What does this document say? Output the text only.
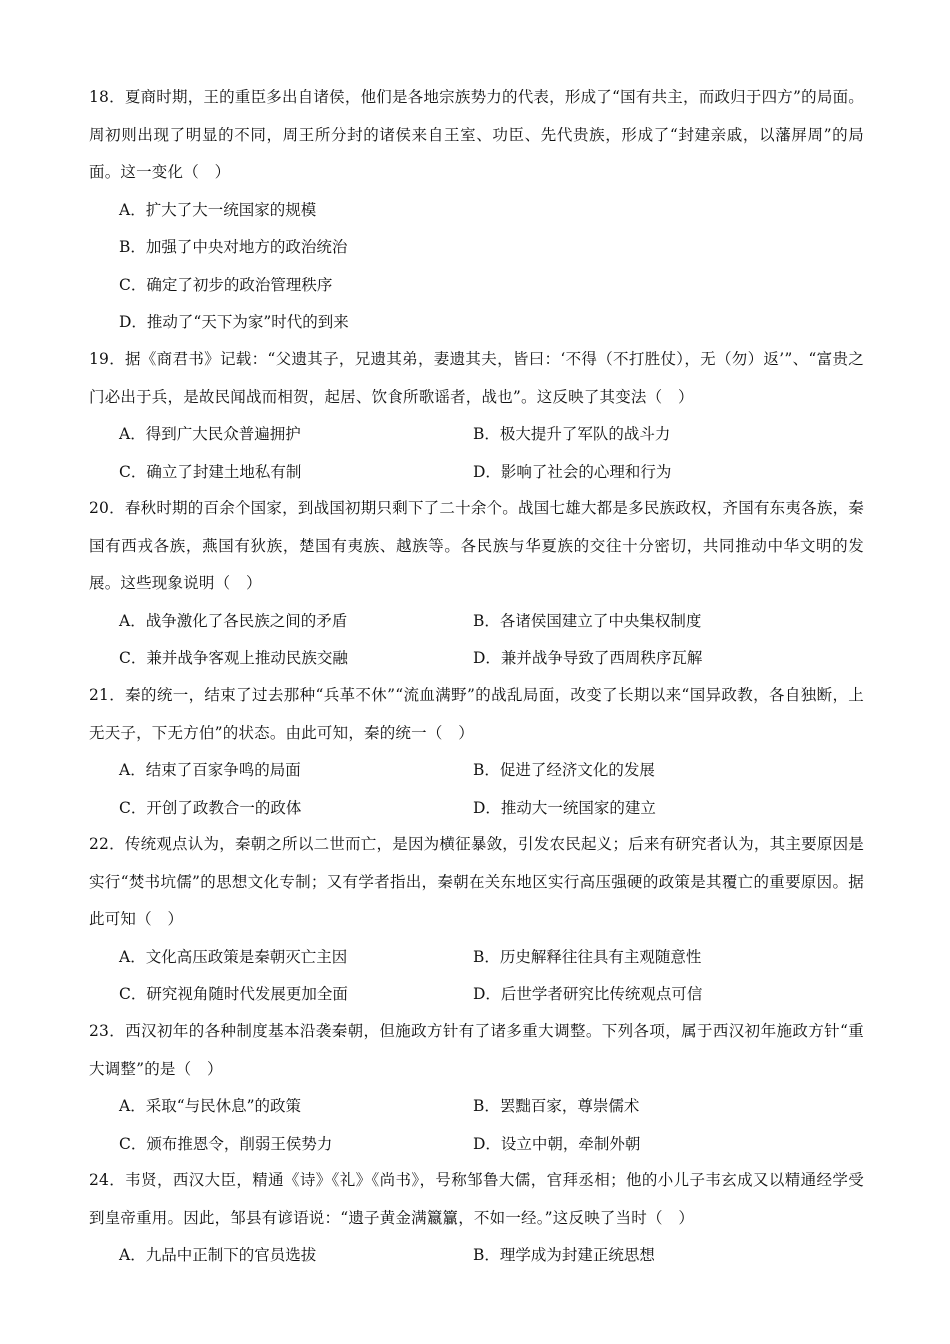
18．夏商时期，王的重臣多出自诸侯，他们是各地宗族势力的代表，形成了“国有共主，而政归于四方”的局面。周初则出现了明显的不同，周王所分封的诸侯来自王室、功臣、先代贵族，形成了“封建亲戚，以藩屏周”的局面。这一变化（　）

A．扩大了大一统国家的规模
B．加强了中央对地方的政治统治
C．确定了初步的政治管理秩序
D．推动了“天下为家”时代的到来

19．据《商君书》记载：“父遗其子，兄遗其弟，妻遗其夫，皆曰：‘不得（不打胜仗），无（勿）返’”、“富贵之门必出于兵，是故民闻战而相贺，起居、饮食所歌谣者，战也”。这反映了其变法（　）

A．得到广大民众普遍拥护	B．极大提升了军队的战斗力
C．确立了封建土地私有制	D．影响了社会的心理和行为

20．春秋时期的百余个国家，到战国初期只剩下了二十余个。战国七雄大都是多民族政权，齐国有东夷各族，秦国有西戎各族，燕国有狄族，楚国有夷族、越族等。各民族与华夏族的交往十分密切，共同推动中华文明的发展。这些现象说明（　）

A．战争激化了各民族之间的矛盾	B．各诸侯国建立了中央集权制度
C．兼并战争客观上推动民族交融	D．兼并战争导致了西周秩序瓦解

21．秦的统一，结束了过去那种“兵革不休”“流血满野”的战乱局面，改变了长期以来“国异政教，各自独断，上无天子，下无方伯”的状态。由此可知，秦的统一（　）

A．结束了百家争鸣的局面	B．促进了经济文化的发展
C．开创了政教合一的政体	D．推动大一统国家的建立

22．传统观点认为，秦朝之所以二世而亡，是因为横征暴敛，引发农民起义；后来有研究者认为，其主要原因是实行“焚书坑儒”的思想文化专制；又有学者指出，秦朝在关东地区实行高压强硬的政策是其覆亡的重要原因。据此可知（　）

A．文化高压政策是秦朝灭亡主因	B．历史解释往往具有主观随意性
C．研究视角随时代发展更加全面	D．后世学者研究比传统观点可信

23．西汉初年的各种制度基本沿袭秦朝，但施政方针有了诸多重大调整。下列各项，属于西汉初年施政方针“重大调整”的是（　）

A．采取“与民休息”的政策	B．罢黜百家，尊崇儒术
C．颁布推恩令，削弱王侯势力	D．设立中朝，牵制外朝

24．韦贤，西汉大臣，精通《诗》《礼》《尚书》，号称邹鲁大儒，官拜丞相；他的小儿子韦玄成又以精通经学受到皇帝重用。因此，邹县有谚语说：“遗子黄金满籝籯，不如一经。”这反映了当时（　）

A．九品中正制下的官员选拔	B．理学成为封建正统思想
